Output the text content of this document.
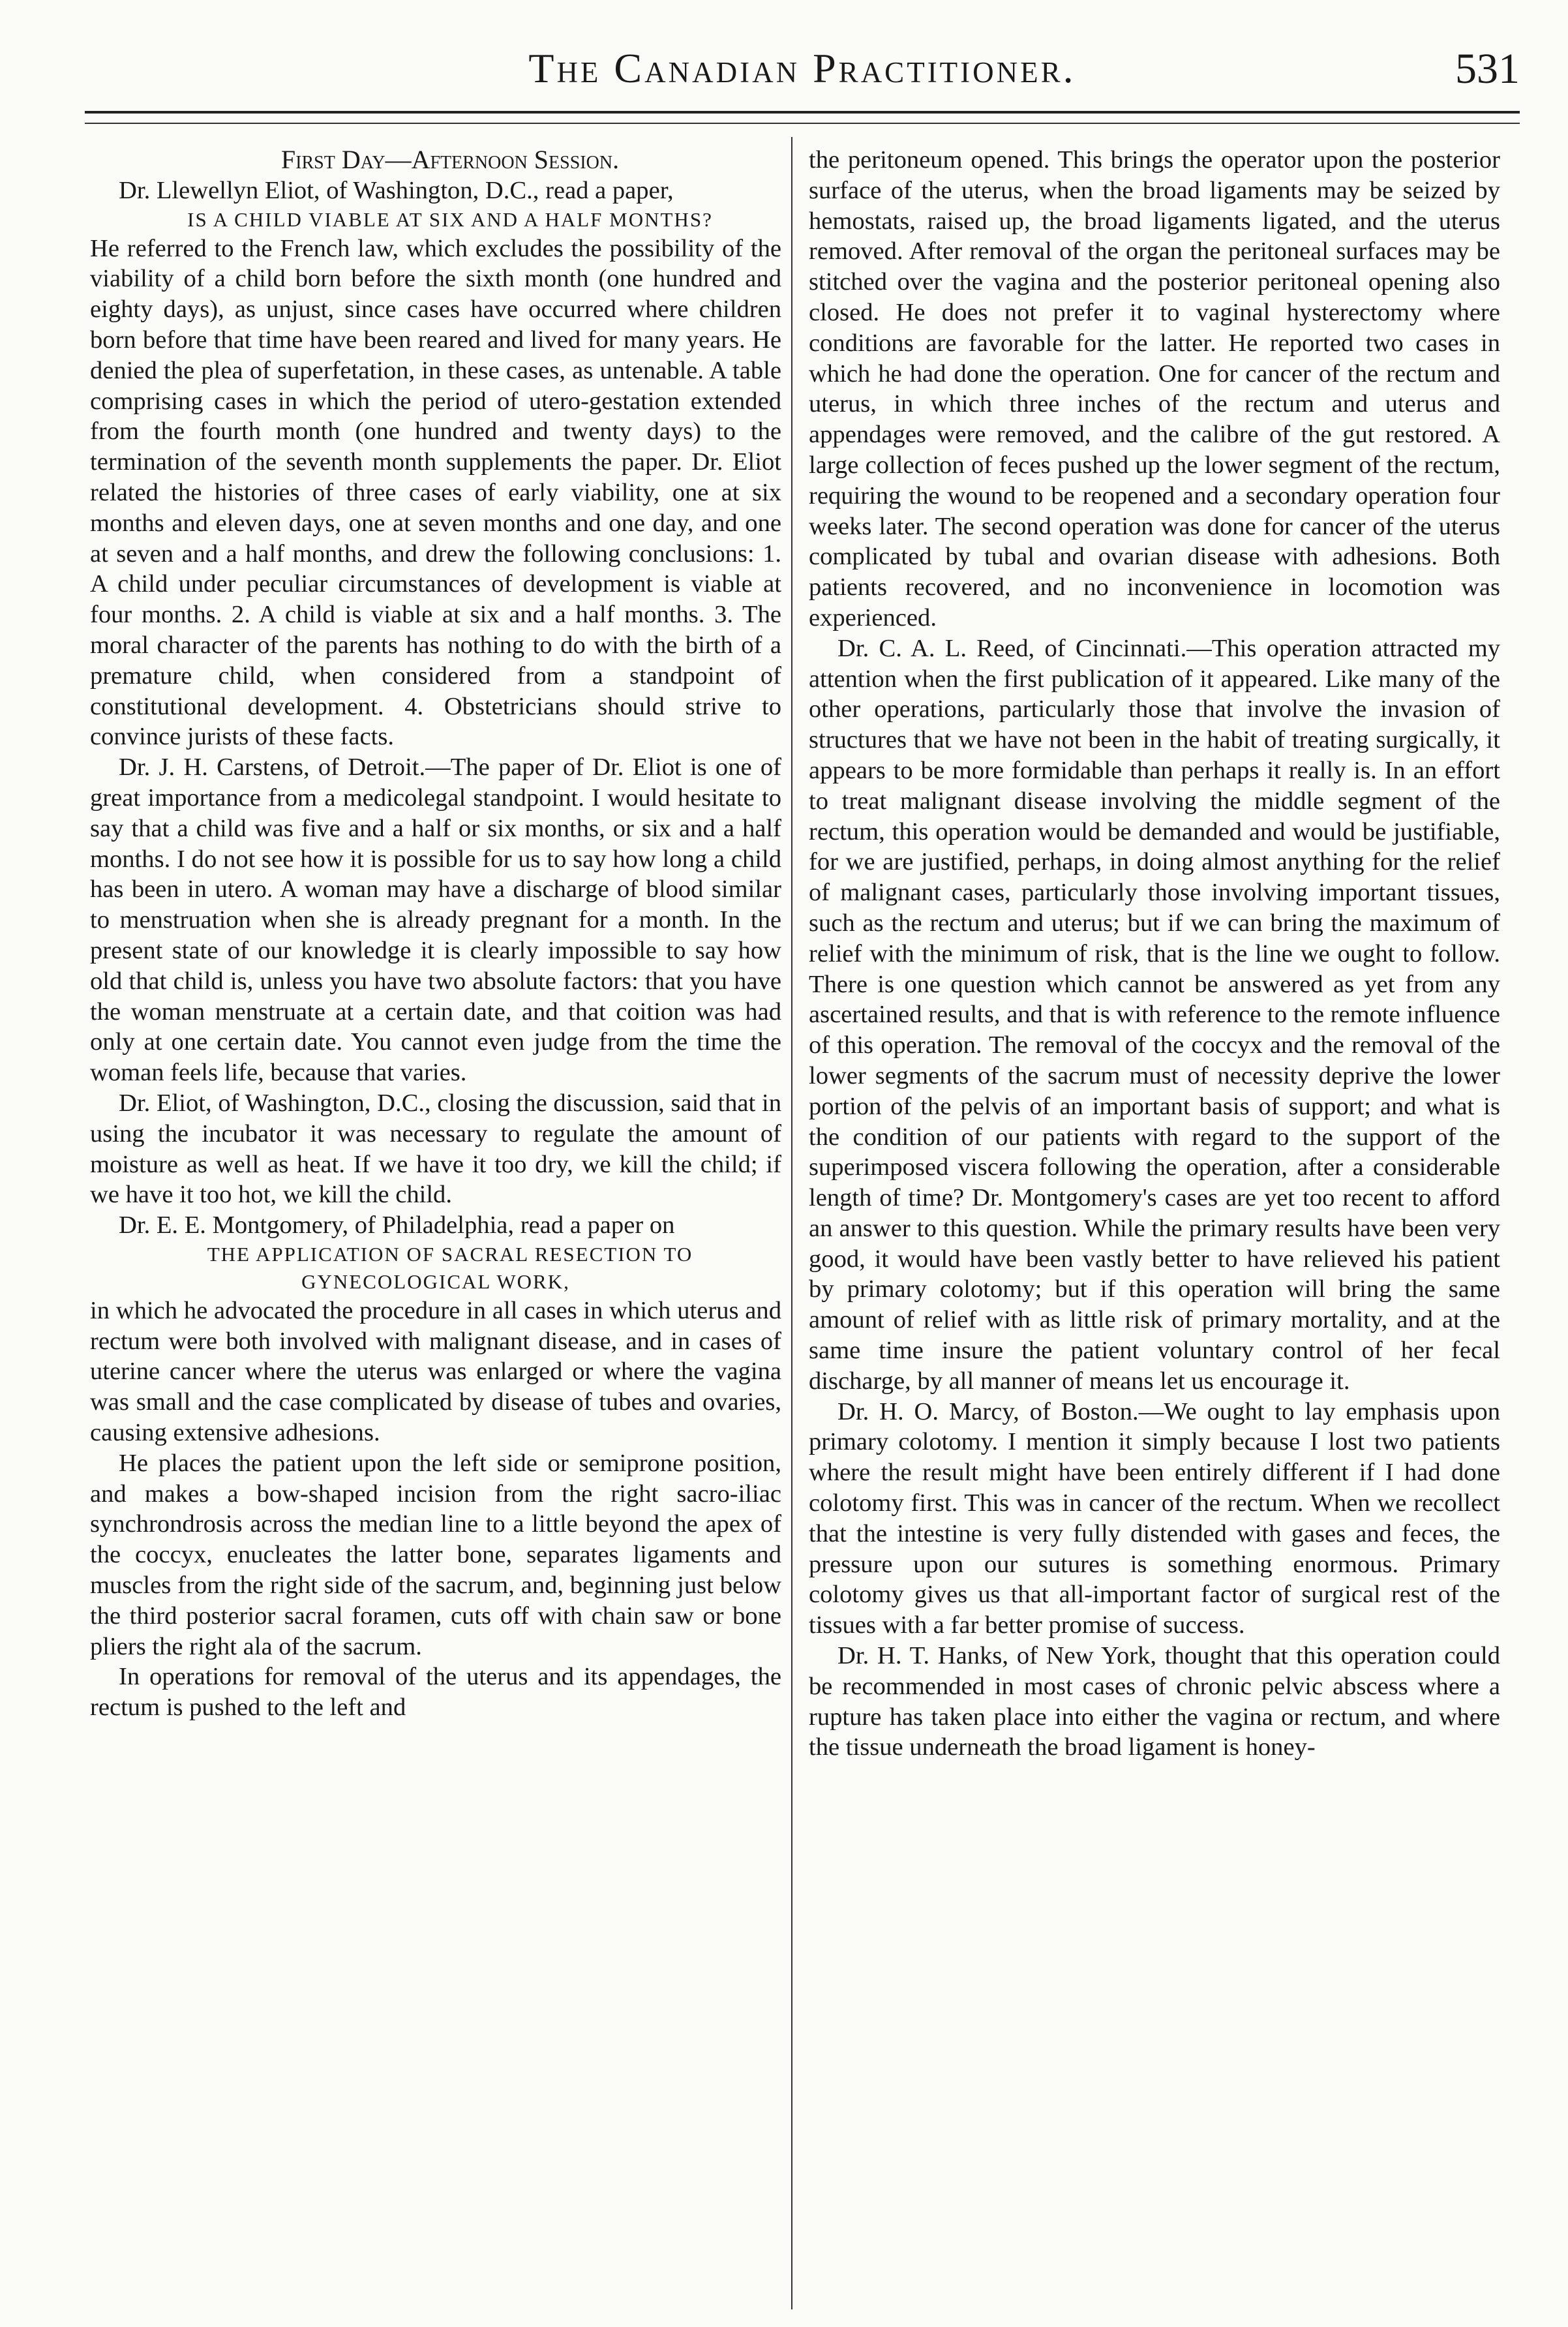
The Canadian Practitioner.	531

First Day—Afternoon Session.

Dr. Llewellyn Eliot, of Washington, D.C., read a paper,

IS A CHILD VIABLE AT SIX AND A HALF MONTHS?

He referred to the French law, which excludes the possibility of the viability of a child born before the sixth month (one hundred and eighty days), as unjust, since cases have occurred where children born before that time have been reared and lived for many years. He denied the plea of superfetation, in these cases, as untenable. A table comprising cases in which the period of utero-gestation extended from the fourth month (one hundred and twenty days) to the termination of the seventh month supplements the paper. Dr. Eliot related the histories of three cases of early viability, one at six months and eleven days, one at seven months and one day, and one at seven and a half months, and drew the following conclusions: 1. A child under peculiar circumstances of development is viable at four months. 2. A child is viable at six and a half months. 3. The moral character of the parents has nothing to do with the birth of a premature child, when considered from a standpoint of constitutional development. 4. Obstetricians should strive to convince jurists of these facts.

Dr. J. H. Carstens, of Detroit.—The paper of Dr. Eliot is one of great importance from a medicolegal standpoint. I would hesitate to say that a child was five and a half or six months, or six and a half months. I do not see how it is possible for us to say how long a child has been in utero. A woman may have a discharge of blood similar to menstruation when she is already pregnant for a month. In the present state of our knowledge it is clearly impossible to say how old that child is, unless you have two absolute factors: that you have the woman menstruate at a certain date, and that coition was had only at one certain date. You cannot even judge from the time the woman feels life, because that varies.

Dr. Eliot, of Washington, D.C., closing the discussion, said that in using the incubator it was necessary to regulate the amount of moisture as well as heat. If we have it too dry, we kill the child; if we have it too hot, we kill the child.

Dr. E. E. Montgomery, of Philadelphia, read a paper on

THE APPLICATION OF SACRAL RESECTION TO GYNECOLOGICAL WORK,

in which he advocated the procedure in all cases in which uterus and rectum were both involved with malignant disease, and in cases of uterine cancer where the uterus was enlarged or where the vagina was small and the case complicated by disease of tubes and ovaries, causing extensive adhesions.

He places the patient upon the left side or semiprone position, and makes a bow-shaped incision from the right sacro-iliac synchrondrosis across the median line to a little beyond the apex of the coccyx, enucleates the latter bone, separates ligaments and muscles from the right side of the sacrum, and, beginning just below the third posterior sacral foramen, cuts off with chain saw or bone pliers the right ala of the sacrum.

In operations for removal of the uterus and its appendages, the rectum is pushed to the left and

the peritoneum opened. This brings the operator upon the posterior surface of the uterus, when the broad ligaments may be seized by hemostats, raised up, the broad ligaments ligated, and the uterus removed. After removal of the organ the peritoneal surfaces may be stitched over the vagina and the posterior peritoneal opening also closed. He does not prefer it to vaginal hysterectomy where conditions are favorable for the latter. He reported two cases in which he had done the operation. One for cancer of the rectum and uterus, in which three inches of the rectum and uterus and appendages were removed, and the calibre of the gut restored. A large collection of feces pushed up the lower segment of the rectum, requiring the wound to be reopened and a secondary operation four weeks later. The second operation was done for cancer of the uterus complicated by tubal and ovarian disease with adhesions. Both patients recovered, and no inconvenience in locomotion was experienced.

Dr. C. A. L. Reed, of Cincinnati.—This operation attracted my attention when the first publication of it appeared. Like many of the other operations, particularly those that involve the invasion of structures that we have not been in the habit of treating surgically, it appears to be more formidable than perhaps it really is. In an effort to treat malignant disease involving the middle segment of the rectum, this operation would be demanded and would be justifiable, for we are justified, perhaps, in doing almost anything for the relief of malignant cases, particularly those involving important tissues, such as the rectum and uterus; but if we can bring the maximum of relief with the minimum of risk, that is the line we ought to follow. There is one question which cannot be answered as yet from any ascertained results, and that is with reference to the remote influence of this operation. The removal of the coccyx and the removal of the lower segments of the sacrum must of necessity deprive the lower portion of the pelvis of an important basis of support; and what is the condition of our patients with regard to the support of the superimposed viscera following the operation, after a considerable length of time? Dr. Montgomery's cases are yet too recent to afford an answer to this question. While the primary results have been very good, it would have been vastly better to have relieved his patient by primary colotomy; but if this operation will bring the same amount of relief with as little risk of primary mortality, and at the same time insure the patient voluntary control of her fecal discharge, by all manner of means let us encourage it.

Dr. H. O. Marcy, of Boston.—We ought to lay emphasis upon primary colotomy. I mention it simply because I lost two patients where the result might have been entirely different if I had done colotomy first. This was in cancer of the rectum. When we recollect that the intestine is very fully distended with gases and feces, the pressure upon our sutures is something enormous. Primary colotomy gives us that all-important factor of surgical rest of the tissues with a far better promise of success.

Dr. H. T. Hanks, of New York, thought that this operation could be recommended in most cases of chronic pelvic abscess where a rupture has taken place into either the vagina or rectum, and where the tissue underneath the broad ligament is honey-
